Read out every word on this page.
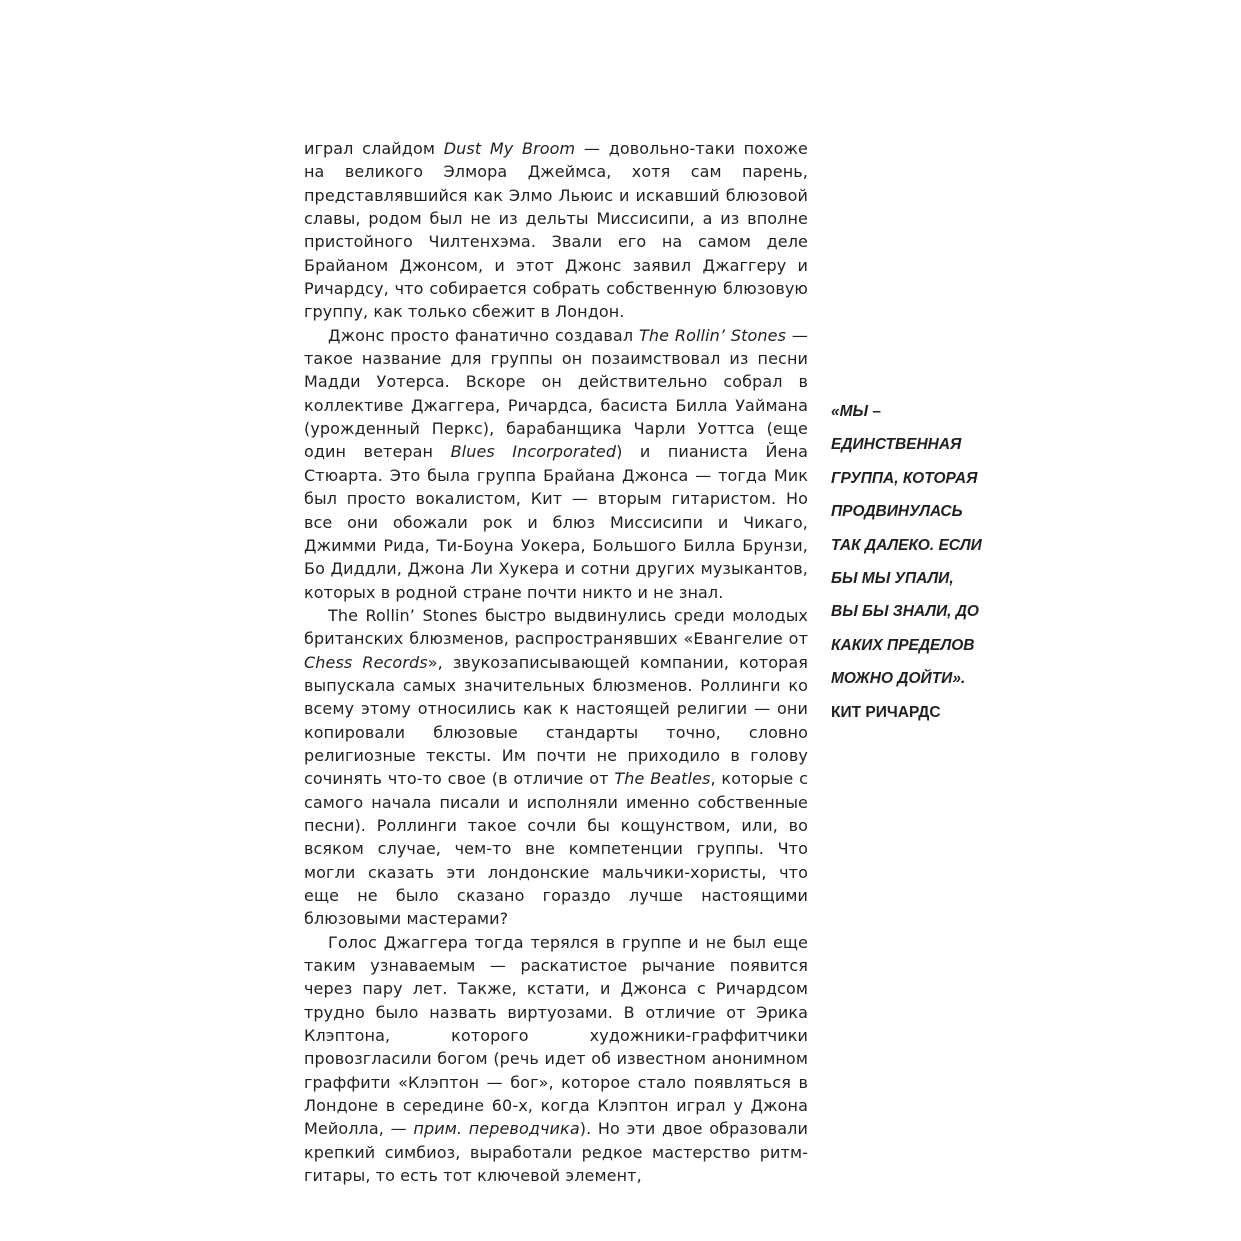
играл слайдом Dust My Broom — довольно-таки похоже на великого Элмора Джеймса, хотя сам парень, представлявшийся как Элмо Льюис и искавший блюзовой славы, родом был не из дельты Миссисипи, а из вполне пристойного Чилтенхэма. Звали его на самом деле Брайаном Джонсом, и этот Джонс заявил Джаггеру и Ричардсу, что собирается собрать собственную блюзовую группу, как только сбежит в Лондон.

Джонс просто фанатично создавал The Rollin’ Stones — такое название для группы он позаимствовал из песни Мадди Уотерса. Вскоре он действительно собрал в коллективе Джаггера, Ричардса, басиста Билла Уаймана (урожденный Перкс), барабанщика Чарли Уоттса (еще один ветеран Blues Incorporated) и пианиста Йена Стюарта. Это была группа Брайана Джонса — тогда Мик был просто вокалистом, Кит — вторым гитаристом. Но все они обожали рок и блюз Миссисипи и Чикаго, Джимми Рида, Ти-Боуна Уокера, Большого Билла Брунзи, Бо Диддли, Джона Ли Хукера и сотни других музыкантов, которых в родной стране почти никто и не знал.

The Rollin’ Stones быстро выдвинулись среди молодых британских блюзменов, распространявших «Евангелие от Chess Records», звукозаписывающей компании, которая выпускала самых значительных блюзменов. Роллинги ко всему этому относились как к настоящей религии — они копировали блюзовые стандарты точно, словно религиозные тексты. Им почти не приходило в голову сочинять что-то свое (в отличие от The Beatles, которые с самого начала писали и исполняли именно собственные песни). Роллинги такое сочли бы кощунством, или, во всяком случае, чем-то вне компетенции группы. Что могли сказать эти лондонские мальчики-хористы, что еще не было сказано гораздо лучше настоящими блюзовыми мастерами?

Голос Джаггера тогда терялся в группе и не был еще таким узнаваемым — раскатистое рычание появится через пару лет. Также, кстати, и Джонса с Ричардсом трудно было назвать виртуозами. В отличие от Эрика Клэптона, которого художники-граффитчики провозгласили богом (речь идет об известном анонимном граффити «Клэптон — бог», которое стало появляться в Лондоне в середине 60-х, когда Клэптон играл у Джона Мейолла, — прим. переводчика). Но эти двое образовали крепкий симбиоз, выработали редкое мастерство ритм-гитары, то есть тот ключевой элемент,

«МЫ –
ЕДИНСТВЕННАЯ
ГРУППА, КОТОРАЯ
ПРОДВИНУЛАСЬ
ТАК ДАЛЕКО. ЕСЛИ
БЫ МЫ УПАЛИ,
ВЫ БЫ ЗНАЛИ, ДО
КАКИХ ПРЕДЕЛОВ
МОЖНО ДОЙТИ».
КИТ РИЧАРДС
